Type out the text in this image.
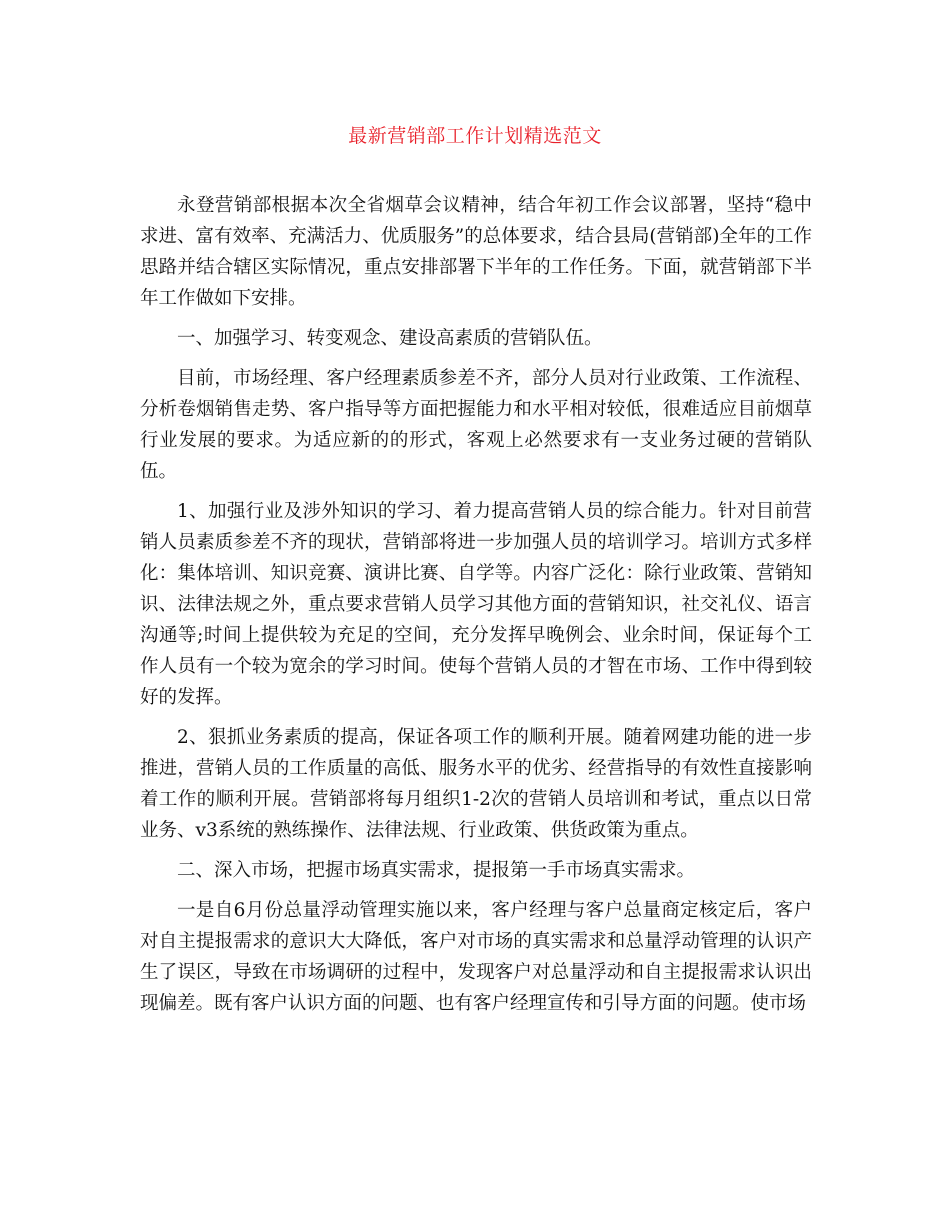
最新营销部工作计划精选范文

永登营销部根据本次全省烟草会议精神，结合年初工作会议部署，坚持“稳中求进、富有效率、充满活力、优质服务”的总体要求，结合县局(营销部)全年的工作思路并结合辖区实际情况，重点安排部署下半年的工作任务。下面，就营销部下半年工作做如下安排。

一、加强学习、转变观念、建设高素质的营销队伍。

目前，市场经理、客户经理素质参差不齐，部分人员对行业政策、工作流程、分析卷烟销售走势、客户指导等方面把握能力和水平相对较低，很难适应目前烟草行业发展的要求。为适应新的的形式，客观上必然要求有一支业务过硬的营销队伍。

1、加强行业及涉外知识的学习、着力提高营销人员的综合能力。针对目前营销人员素质参差不齐的现状，营销部将进一步加强人员的培训学习。培训方式多样化：集体培训、知识竞赛、演讲比赛、自学等。内容广泛化：除行业政策、营销知识、法律法规之外，重点要求营销人员学习其他方面的营销知识，社交礼仪、语言沟通等;时间上提供较为充足的空间，充分发挥早晚例会、业余时间，保证每个工作人员有一个较为宽余的学习时间。使每个营销人员的才智在市场、工作中得到较好的发挥。

2、狠抓业务素质的提高，保证各项工作的顺利开展。随着网建功能的进一步推进，营销人员的工作质量的高低、服务水平的优劣、经营指导的有效性直接影响着工作的顺利开展。营销部将每月组织1-2次的营销人员培训和考试，重点以日常业务、v3系统的熟练操作、法律法规、行业政策、供货政策为重点。

二、深入市场，把握市场真实需求，提报第一手市场真实需求。

一是自6月份总量浮动管理实施以来，客户经理与客户总量商定核定后，客户对自主提报需求的意识大大降低，客户对市场的真实需求和总量浮动管理的认识产生了误区，导致在市场调研的过程中，发现客户对总量浮动和自主提报需求认识出现偏差。既有客户认识方面的问题、也有客户经理宣传和引导方面的问题。使市场
